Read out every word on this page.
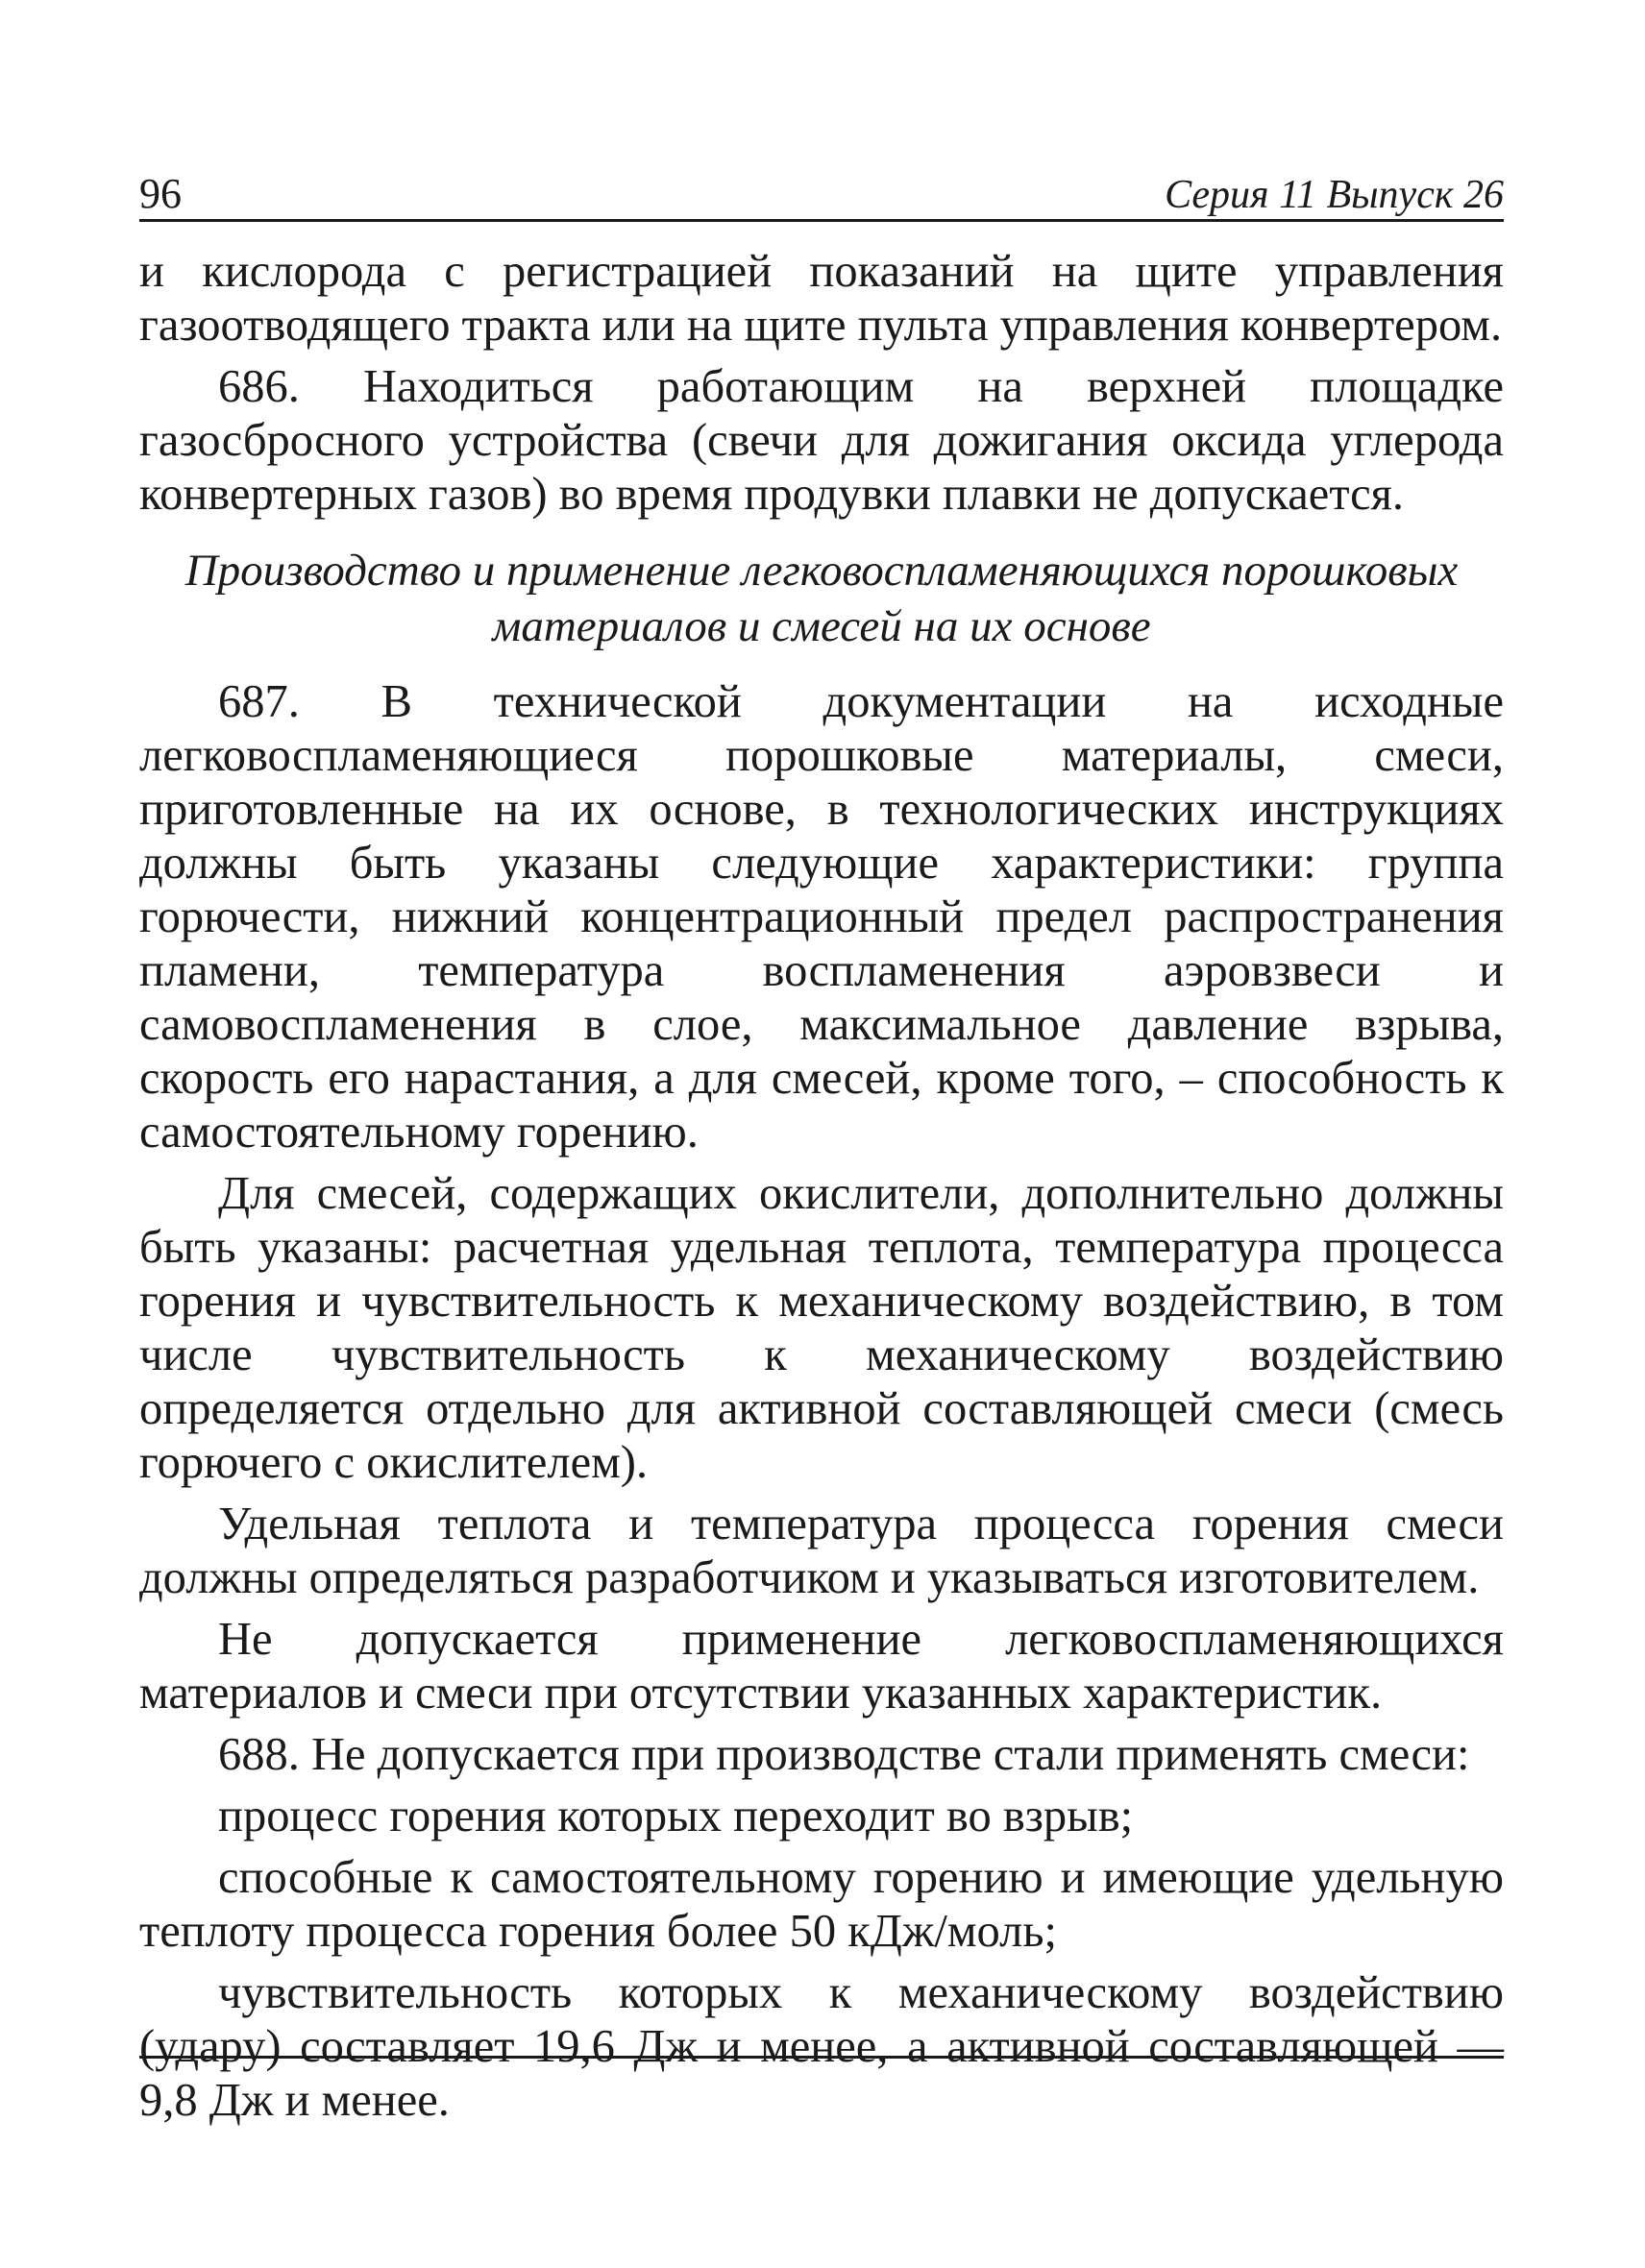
96	Серия 11 Выпуск 26

и кислорода с регистрацией показаний на щите управления газоотводящего тракта или на щите пульта управления конвертером.

686. Находиться работающим на верхней площадке газосбросного устройства (свечи для дожигания оксида углерода конвертерных газов) во время продувки плавки не допускается.

Производство и применение легковоспламеняющихся порошковых материалов и смесей на их основе

687. В технической документации на исходные легковоспламеняющиеся порошковые материалы, смеси, приготовленные на их основе, в технологических инструкциях должны быть указаны следующие характеристики: группа горючести, нижний концентрационный предел распространения пламени, температура воспламенения аэровзвеси и самовоспламенения в слое, максимальное давление взрыва, скорость его нарастания, а для смесей, кроме того, – способность к самостоятельному горению.

Для смесей, содержащих окислители, дополнительно должны быть указаны: расчетная удельная теплота, температура процесса горения и чувствительность к механическому воздействию, в том числе чувствительность к механическому воздействию определяется отдельно для активной составляющей смеси (смесь горючего с окислителем).

Удельная теплота и температура процесса горения смеси должны определяться разработчиком и указываться изготовителем.

Не допускается применение легковоспламеняющихся материалов и смеси при отсутствии указанных характеристик.

688. Не допускается при производстве стали применять смеси:

процесс горения которых переходит во взрыв;

способные к самостоятельному горению и имеющие удельную теплоту процесса горения более 50 кДж/моль;

чувствительность которых к механическому воздействию (удару) составляет 19,6 Дж и менее, а активной составляющей — 9,8 Дж и менее.
